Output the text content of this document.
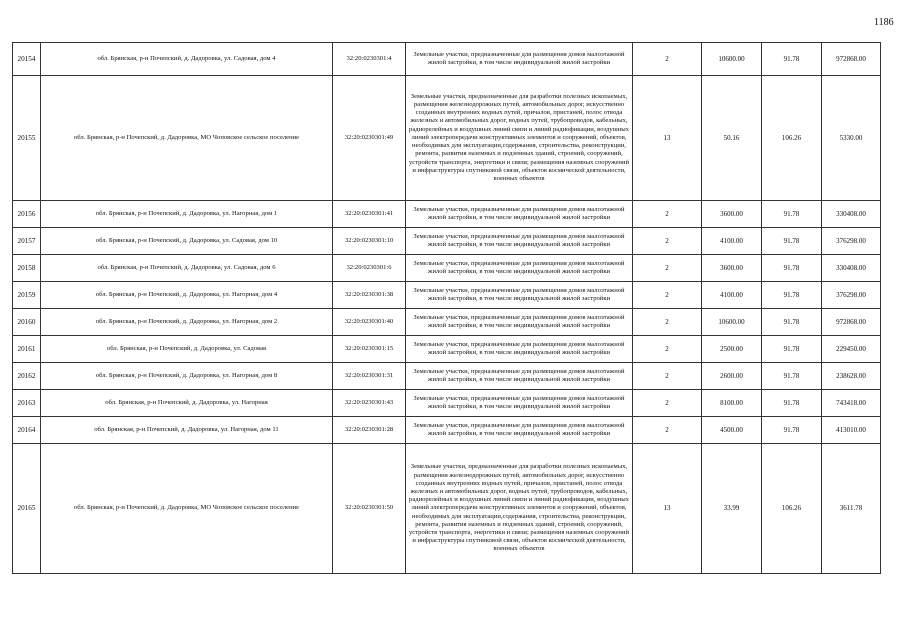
1186
20154	обл. Брянская, р-н Почепский, д. Дадоровка, ул. Садовая, дом 4	32:20:0230301:4	Земельные участки, предназначенные для размещения домов малоэтажной жилой застройки, в том числе индивидуальной жилой застройки	2	10600.00	91.78	972868.00
20155	обл. Брянская, р-н Почепский, д. Дадоровка, МО Чоповское сельское поселение	32:20:0230301:49	Земельные участки, предназначенные для разработки полезных ископаемых, размещения железнодорожных путей, автомобильных дорог, искусственно созданных внутренних водных путей, причалов, пристаней, полос отвода железных и автомобильных дорог, водных путей, трубопроводов, кабельных, радиорелейных и воздушных линий связи и линий радиофикации, воздушных линий электропередачи конструктивных элементов и сооружений, объектов, необходимых для эксплуатации,содержания, строительства, реконструкции, ремонта, развития наземных и подземных зданий, строений, сооружений, устройств транспорта, энергетики и связи; размещения наземных сооружений и инфраструктуры спутниковой связи, объектов космической деятельности, военных объектов	13	50.16	106.26	5330.00
20156	обл. Брянская, р-н Почепский, д. Дадоровка, ул. Нагорная, дом 1	32:20:0230301:41	Земельные участки, предназначенные для размещения домов малоэтажной жилой застройки, в том числе индивидуальной жилой застройки	2	3600.00	91.78	330408.00
20157	обл. Брянская, р-н Почепский, д. Дадоровка, ул. Садовая, дом 10	32:20:0230301:10	Земельные участки, предназначенные для размещения домов малоэтажной жилой застройки, в том числе индивидуальной жилой застройки	2	4100.00	91.78	376298.00
20158	обл. Брянская, р-н Почепский, д. Дадоровка, ул. Садовая, дом 6	32:20:0230301:6	Земельные участки, предназначенные для размещения домов малоэтажной жилой застройки, в том числе индивидуальной жилой застройки	2	3600.00	91.78	330408.00
20159	обл. Брянская, р-н Почепский, д. Дадоровка, ул. Нагорная, дом 4	32:20:0230301:38	Земельные участки, предназначенные для размещения домов малоэтажной жилой застройки, в том числе индивидуальной жилой застройки	2	4100.00	91.78	376298.00
20160	обл. Брянская, р-н Почепский, д. Дадоровка, ул. Нагорная, дом 2	32:20:0230301:40	Земельные участки, предназначенные для размещения домов малоэтажной жилой застройки, в том числе индивидуальной жилой застройки	2	10600.00	91.78	972868.00
20161	обл. Брянская, р-н Почепский, д. Дадоровка, ул. Садовая	32:20:0230301:15	Земельные участки, предназначенные для размещения домов малоэтажной жилой застройки, в том числе индивидуальной жилой застройки	2	2500.00	91.78	229450.00
20162	обл. Брянская, р-н Почепский, д. Дадоровка, ул. Нагорная, дом 8	32:20:0230301:31	Земельные участки, предназначенные для размещения домов малоэтажной жилой застройки, в том числе индивидуальной жилой застройки	2	2600.00	91.78	238628.00
20163	обл. Брянская, р-н Почепский, д. Дадоровка, ул. Нагорная	32:20:0230301:43	Земельные участки, предназначенные для размещения домов малоэтажной жилой застройки, в том числе индивидуальной жилой застройки	2	8100.00	91.78	743418.00
20164	обл. Брянская, р-н Почепский, д. Дадоровка, ул. Нагорная, дом 11	32:20:0230301:28	Земельные участки, предназначенные для размещения домов малоэтажной жилой застройки, в том числе индивидуальной жилой застройки	2	4500.00	91.78	413010.00
20165	обл. Брянская, р-н Почепский, д. Дадоровка, МО Чоповское сельское поселение	32:20:0230301:50	Земельные участки, предназначенные для разработки полезных ископаемых, размещения железнодорожных путей, автомобильных дорог, искусственно созданных внутренних водных путей, причалов, пристаней, полос отвода железных и автомобильных дорог, водных путей, трубопроводов, кабельных, радиорелейных и воздушных линий связи и линий радиофикации, воздушных линий электропередачи конструктивных элементов и сооружений, объектов, необходимых для эксплуатации,содержания, строительства, реконструкции, ремонта, развития наземных и подземных зданий, строений, сооружений, устройств транспорта, энергетики и связи; размещения наземных сооружений и инфраструктуры спутниковой связи, объектов космической деятельности, военных объектов	13	33.99	106.26	3611.78
